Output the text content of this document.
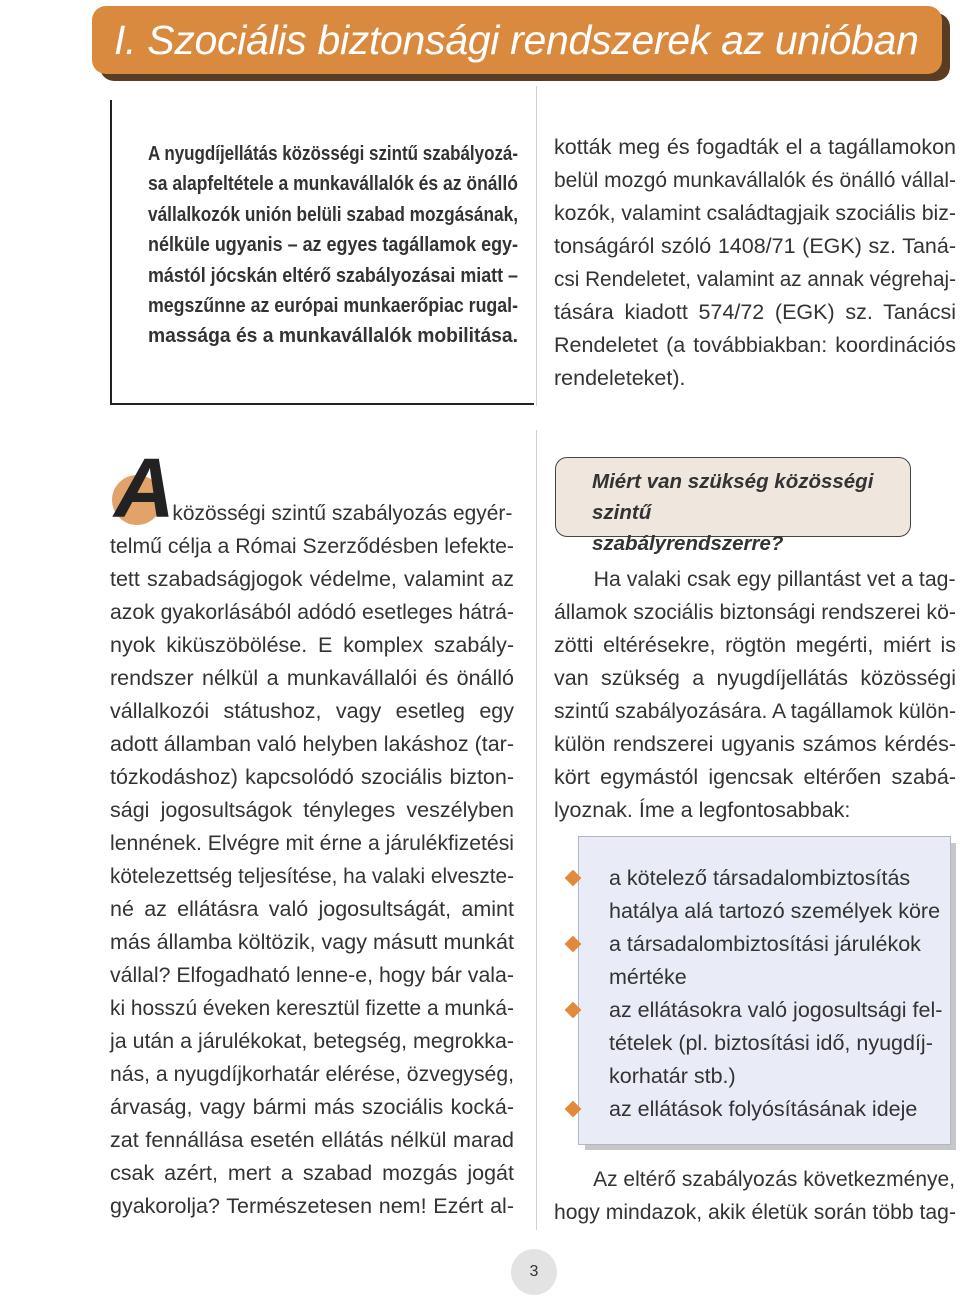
I. Szociális biztonsági rendszerek az unióban
A nyugdíjellátás közösségi szintű szabályozá-
sa alapfeltétele a munkavállalók és az önálló
vállalkozók unión belüli szabad mozgásának,
nélküle ugyanis – az egyes tagállamok egy-
mástól jócskán eltérő szabályozásai miatt –
megszűnne az európai munkaerőpiac rugal-
massága és a munkavállalók mobilitása.
kották meg és fogadták el a tagállamokon
belül mozgó munkavállalók és önálló vállal-
kozók, valamint családtagjaik szociális biz-
tonságáról szóló 1408/71 (EGK) sz. Taná-
csi Rendeletet, valamint az annak végrehaj-
tására kiadott 574/72 (EGK) sz. Tanácsi
Rendeletet (a továbbiakban: koordinációs
rendeleteket).
A
közösségi szintű szabályozás egyér-
telmű célja a Római Szerződésben lefekte-
tett szabadságjogok védelme, valamint az
azok gyakorlásából adódó esetleges hátrá-
nyok kiküszöbölése. E komplex szabály-
rendszer nélkül a munkavállalói és önálló
vállalkozói státushoz, vagy esetleg egy
adott államban való helyben lakáshoz (tar-
tózkodáshoz) kapcsolódó szociális bizton-
sági jogosultságok tényleges veszélyben
lennének. Elvégre mit érne a járulékfizetési
kötelezettség teljesítése, ha valaki elveszte-
né az ellátásra való jogosultságát, amint
más államba költözik, vagy másutt munkát
vállal? Elfogadható lenne-e, hogy bár vala-
ki hosszú éveken keresztül fizette a munká-
ja után a járulékokat, betegség, megrokka-
nás, a nyugdíjkorhatár elérése, özvegység,
árvaság, vagy bármi más szociális kocká-
zat fennállása esetén ellátás nélkül marad
csak azért, mert a szabad mozgás jogát
gyakorolja? Természetesen nem! Ezért al-
Miért van szükség közösségi szintű
szabályrendszerre?
Ha valaki csak egy pillantást vet a tag-
államok szociális biztonsági rendszerei kö-
zötti eltérésekre, rögtön megérti, miért is
van szükség a nyugdíjellátás közösségi
szintű szabályozására. A tagállamok külön-
külön rendszerei ugyanis számos kérdés-
kört egymástól igencsak eltérően szabá-
lyoznak. Íme a legfontosabbak:
a kötelező társadalombiztosítás
hatálya alá tartozó személyek köre
a társadalombiztosítási járulékok
mértéke
az ellátásokra való jogosultsági fel-
tételek (pl. biztosítási idő, nyugdíj-
korhatár stb.)
az ellátások folyósításának ideje
Az eltérő szabályozás következménye,
hogy mindazok, akik életük során több tag-
3
